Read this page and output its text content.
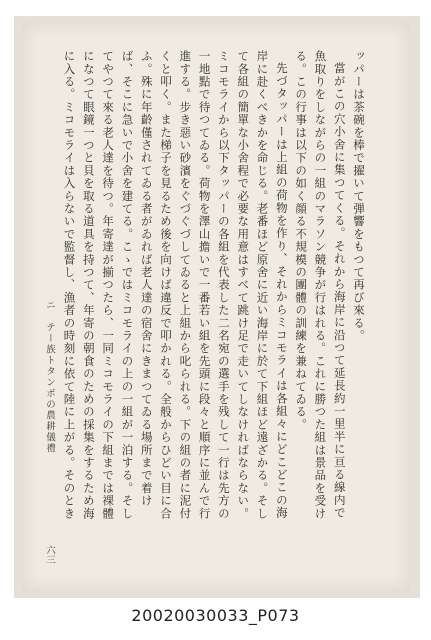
ッパーは茶碗を棒で擢いて弾響をもつて再び來る。

當がこの穴小舍に集つてくる。それから海岸に沿つて延長約一里半に亘る線内で魚取りをしながらの一組のマラソン競争が行はれる。これに勝つた組は景品を受ける。この行事は以下の如く顔る不規模の團體の訓練を兼ねてゐる。

先づタッパーは上組の荷物を作り、それからミコモライは各組々にどこどこの海岸に赴くべきかを命じる。老番ほど原舍に近い海岸に於て下組ほど遠ざかる。そして各組の簡單な小舍程で必要な用意はすべて跳け足で走いてしなければならない。ミコモライから以下タッパーの各組を代表した二名宛の選手を残して一行は先方の一地點で待つてゐる。荷物を澤山擔いで一番若い組を先頭に段々と順序に並んで行進する。步き惡い砂濱をぐづぐづしてゐると上組から叱られる。下の組の者に泥付くと叩く。また梯子を見るため後を向けば違反で叩かれる。全般からひどい目に合ふ。殊に年齡僅されてゐる者がゐれば老人達の宿舍にきまつてゐる場所まで着けば、そこに急いで小舍を建てる。こゝではミコモライの上の一組が一泊する。そしてやつて來る老人達を待つ。年寄達が揃つたら、一同ミコモライの下組までは裸體になつて眼鏡一つと貝を取る道具を持つて、年寄の朝食のための採集をするため海に入る。ミコモライは入らないで監督し、漁者の時刻に依て陸に上がる。そのとき

ニ　テー族トタンボの農耕儀禮
六三
20020030033_P073
